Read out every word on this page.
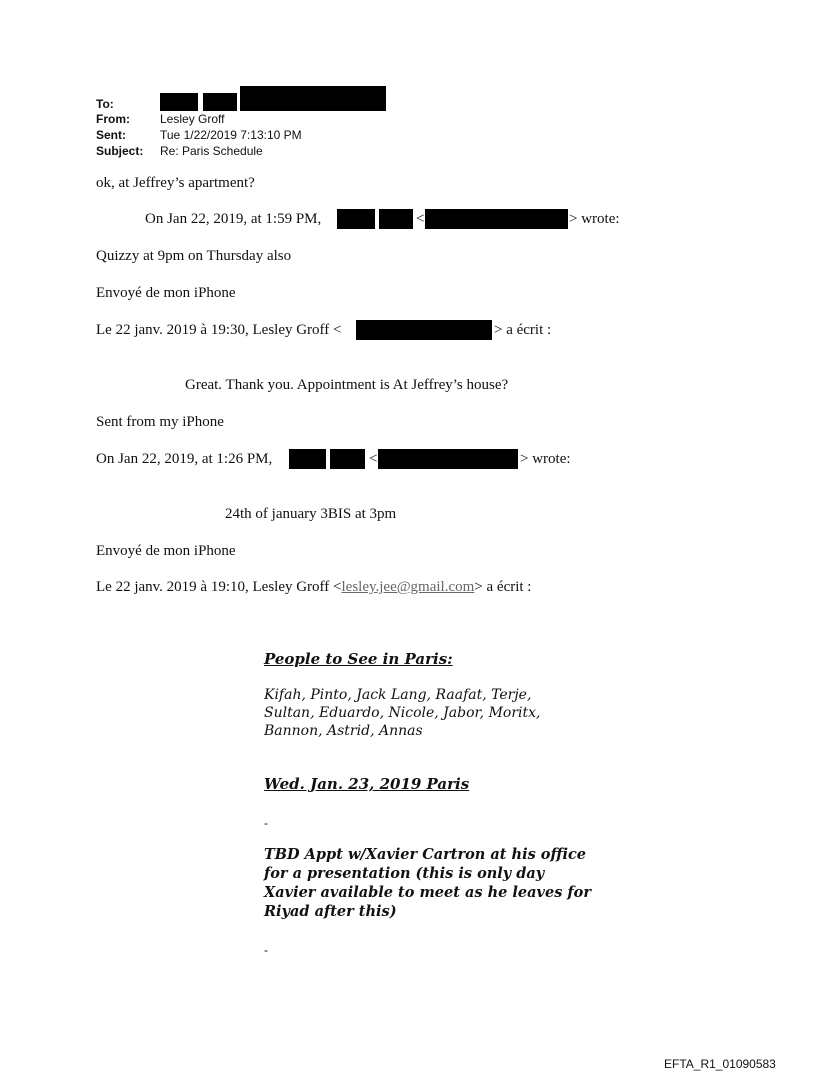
To:
From:	Lesley Groff
Sent:	Tue 1/22/2019 7:13:10 PM
Subject: Re: Paris Schedule
ok, at Jeffrey’s apartment?
On Jan 22, 2019, at 1:59 PM,	<	> wrote:
Quizzy at 9pm on Thursday also
Envoyé de mon iPhone
Le 22 janv. 2019 à 19:30, Lesley Groff <	> a écrit :
Great. Thank you. Appointment is At Jeffrey’s house?
Sent from my iPhone
On Jan 22, 2019, at 1:26 PM,	<	> wrote:
24th of january 3BIS at 3pm
Envoyé de mon iPhone
Le 22 janv. 2019 à 19:10, Lesley Groff <lesley.jee@gmail.com> a écrit :
People to See in Paris:
Kifah, Pinto, Jack Lang, Raafat, Terje,
Sultan, Eduardo, Nicole, Jabor, Moritx,
Bannon, Astrid, Annas
Wed. Jan. 23, 2019 Paris
-
TBD Appt w/Xavier Cartron at his office
for a presentation (this is only day
Xavier available to meet as he leaves for
Riyad after this)
-
EFTA_R1_01090583
